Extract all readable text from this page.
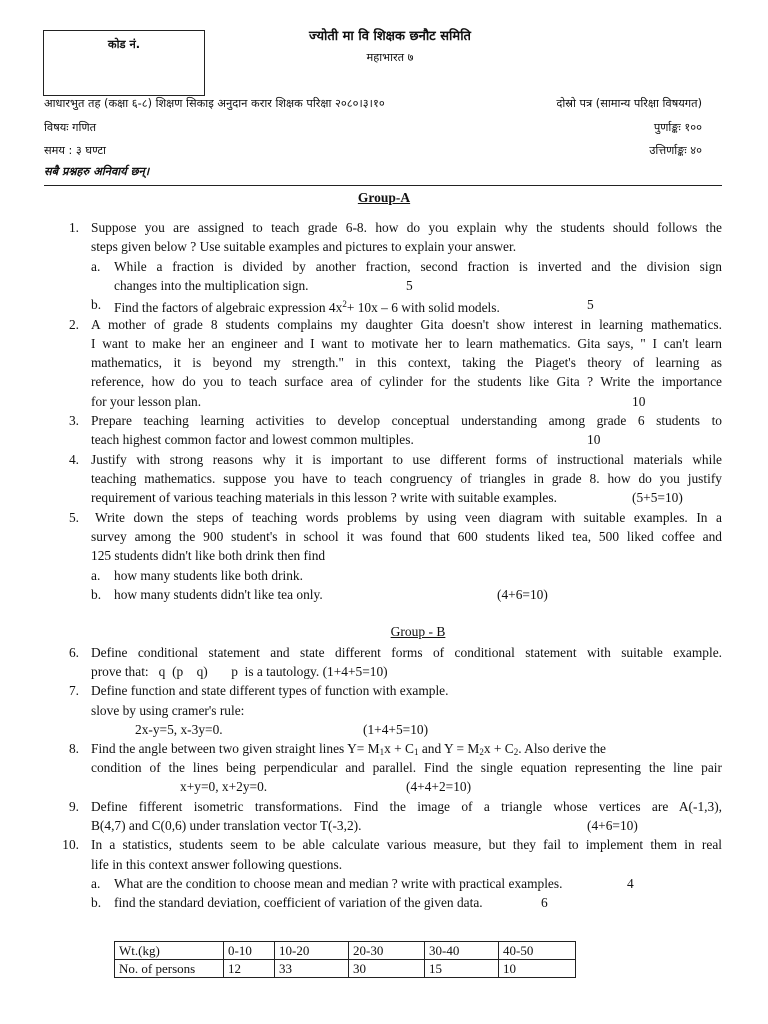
कोड नं.
ज्योती मा वि शिक्षक छनौट समिति
महाभारत ७
आधारभुत तह (कक्षा ६-८) शिक्षण सिकाइ अनुदान करार शिक्षक परिक्षा २०८०।३।१०	दोस्रो पत्र (सामान्य परिक्षा विषयगत)
विषयः गणित	पुर्णाङ्कः १००
समय : ३ घण्टा	उत्तिर्णाङ्कः ४०
सबै प्रश्नहरु अनिवार्य छन्।
Group-A
1. Suppose you are assigned to teach grade 6-8. how do you explain why the students should follows the
steps given below ? Use suitable examples and pictures to explain your answer.
a. While a fraction is divided by another fraction, second fraction is inverted and the division sign
changes into the multiplication sign.	5
b. Find the factors of algebraic expression $4x^2+ 10x - 6$ with solid models.	5
2. A mother of grade 8 students complains my daughter Gita doesn't show interest in learning mathematics.
I want to make her an engineer and I want to motivate her to learn mathematics. Gita says, " I can't learn
mathematics, it is beyond my strength." in this context, taking the Piaget's theory of learning as
reference, how do you to teach surface area of cylinder for the students like Gita ? Write the importance
for your lesson plan.	10
3. Prepare teaching learning activities to develop conceptual understanding among grade 6 students to
teach highest common factor and lowest common multiples.	10
4. Justify with strong reasons why it is important to use different forms of instructional materials while
teaching mathematics. suppose you have to teach congruency of triangles in grade 8. how do you justify
requirement of various teaching materials in this lesson ? write with suitable examples.	(5+5=10)
5. Write down the steps of teaching words problems by using veen diagram with suitable examples. In a
survey among the 900 student's in school it was found that 600 students liked tea, 500 liked coffee and
125 students didn't like both drink then find
a. how many students like both drink.
b. how many students didn't like tea only.	(4+6=10)
Group - B
6. Define conditional statement and state different forms of conditional statement with suitable example.
prove that:   q  (p    q)       p  is a tautology. (1+4+5=10)
7. Define function and state different types of function with example.
slove by using cramer's rule:
2x-y=5, x-3y=0.	(1+4+5=10)
8. Find the angle between two given straight lines $Y= M_1x + C_1$ and $Y = M_2x + C_2$. Also derive the
condition of the lines being perpendicular and parallel. Find the single equation representing the line pair
x+y=0, x+2y=0.	(4+4+2=10)
9. Define fifferent isometric transformations. Find the image of a triangle whose vertices are A(-1,3),
B(4,7) and C(0,6) under translation vector T(-3,2).	(4+6=10)
10. In a statistics, students seem to be able calculate various measure, but they fail to implement them in real
life in this context answer following questions.
a. What are the condition to choose mean and median ? write with practical examples.	4
b. find the standard deviation, coefficient of variation of the given data.	6
Wt.(kg)	0-10	10-20	20-30	30-40	40-50
No. of persons	12	33	30	15	10
